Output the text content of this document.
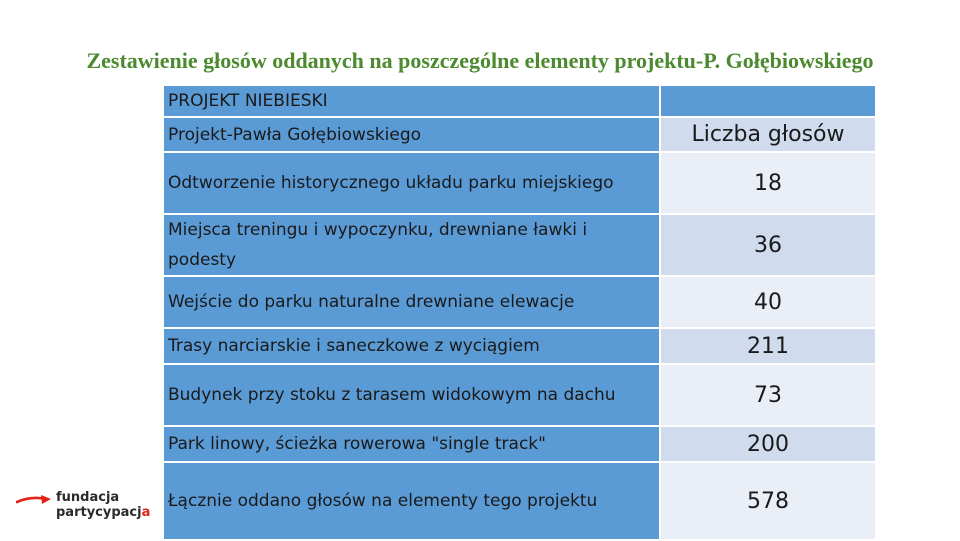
Zestawienie głosów oddanych na poszczególne elementy projektu-P. Gołębiowskiego
PROJEKT NIEBIESKI	
Projekt-Pawła Gołębiowskiego	Liczba głosów
Odtworzenie historycznego układu parku miejskiego	18
Miejsca treningu i wypoczynku, drewniane ławki i podesty	36
Wejście do parku naturalne drewniane elewacje	40
Trasy narciarskie i saneczkowe z wyciągiem	211
Budynek przy stoku z tarasem widokowym na dachu	73
Park linowy, ścieżka rowerowa "single track"	200
Łącznie oddano głosów na elementy tego projektu	578
fundacja
partycypacja
